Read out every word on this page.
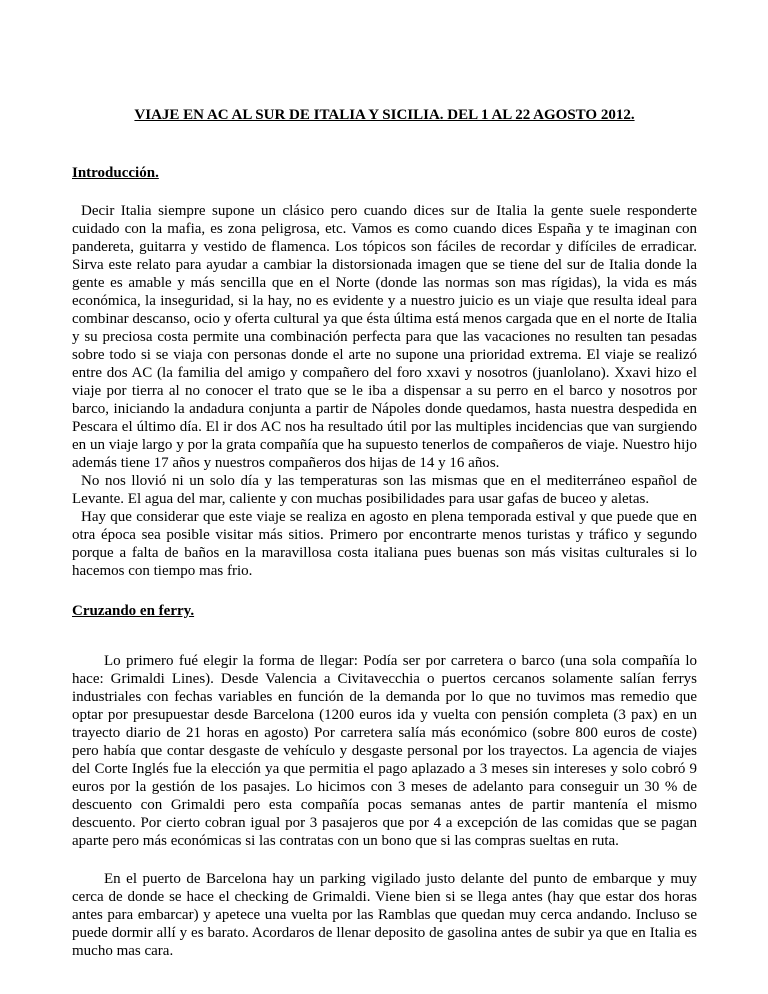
VIAJE EN AC AL SUR DE ITALIA Y SICILIA. DEL 1 AL 22 AGOSTO 2012.
Introducción.

Decir Italia siempre supone un clásico pero cuando dices sur de Italia la gente suele responderte cuidado con la mafia, es zona peligrosa, etc. Vamos es como cuando dices España y te imaginan con pandereta, guitarra y vestido de flamenca. Los tópicos son fáciles de recordar y difíciles de erradicar. Sirva este relato para ayudar a cambiar la distorsionada imagen que se tiene del sur de Italia donde la gente es amable y más sencilla que en el Norte (donde las normas son mas rígidas), la vida es más económica, la inseguridad, si la hay, no es evidente y a nuestro juicio es un viaje que resulta ideal para combinar descanso, ocio y oferta cultural ya que ésta última está menos cargada que en el norte de Italia y su preciosa costa permite una combinación perfecta para que las vacaciones no resulten tan pesadas sobre todo si se viaja con personas donde el arte no supone una prioridad extrema. El viaje se realizó entre dos AC (la familia del amigo y compañero del foro xxavi y nosotros (juanlolano). Xxavi hizo el viaje por tierra al no conocer el trato que se le iba a dispensar a su perro en el barco y nosotros por barco, iniciando la andadura conjunta a partir de Nápoles donde quedamos, hasta nuestra despedida en Pescara el último día. El ir dos AC nos ha resultado útil por las multiples incidencias que van surgiendo en un viaje largo y por la grata compañía que ha supuesto tenerlos de compañeros de viaje. Nuestro hijo además tiene 17 años y nuestros compañeros dos hijas de 14 y 16 años.

No nos llovió ni un solo día y las temperaturas son las mismas que en el mediterráneo español de Levante. El agua del mar, caliente y con muchas posibilidades para usar gafas de buceo y aletas.

Hay que considerar que este viaje se realiza en agosto en plena temporada estival y que puede que en otra época sea posible visitar más sitios. Primero por encontrarte menos turistas y tráfico y segundo porque a falta de baños en la maravillosa costa italiana pues buenas son más visitas culturales si lo hacemos con tiempo mas frio.

Cruzando en ferry.

Lo primero fué elegir la forma de llegar: Podía ser por carretera o barco (una sola compañía lo hace: Grimaldi Lines). Desde Valencia a Civitavecchia o puertos cercanos solamente salían ferrys industriales con fechas variables en función de la demanda por lo que no tuvimos mas remedio que optar por presupuestar desde Barcelona (1200 euros ida y vuelta con pensión completa (3 pax) en un trayecto diario de 21 horas en agosto) Por carretera salía más económico (sobre 800 euros de coste) pero había que contar desgaste de vehículo y desgaste personal por los trayectos. La agencia de viajes del Corte Inglés fue la elección ya que permitia el pago aplazado a 3 meses sin intereses y solo cobró 9 euros por la gestión de los pasajes. Lo hicimos con 3 meses de adelanto para conseguir un 30 % de descuento con Grimaldi pero esta compañía pocas semanas antes de partir mantenía el mismo descuento. Por cierto cobran igual por 3 pasajeros que por 4 a excepción de las comidas que se pagan aparte pero más económicas si las contratas con un bono que si las compras sueltas en ruta.

En el puerto de Barcelona hay un parking vigilado justo delante del punto de embarque y muy cerca de donde se hace el checking de Grimaldi. Viene bien si se llega antes (hay que estar dos horas antes para embarcar) y apetece una vuelta por las Ramblas que quedan muy cerca andando. Incluso se puede dormir allí y es barato. Acordaros de llenar deposito de gasolina antes de subir ya que en Italia es mucho mas cara.
